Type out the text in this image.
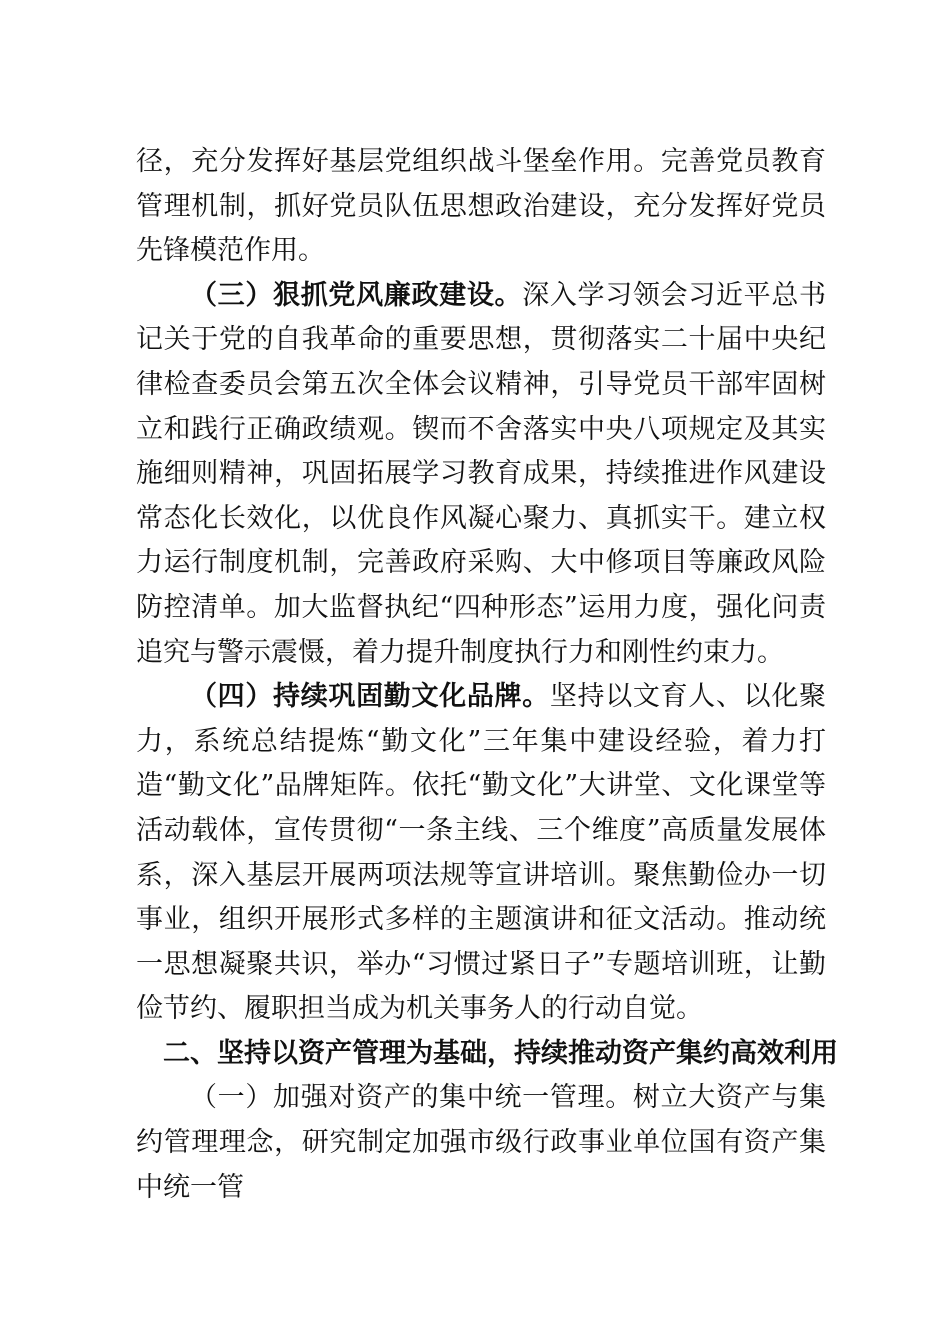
径，充分发挥好基层党组织战斗堡垒作用。完善党员教育管理机制，抓好党员队伍思想政治建设，充分发挥好党员先锋模范作用。

（三）狠抓党风廉政建设。深入学习领会习近平总书记关于党的自我革命的重要思想，贯彻落实二十届中央纪律检查委员会第五次全体会议精神，引导党员干部牢固树立和践行正确政绩观。锲而不舍落实中央八项规定及其实施细则精神，巩固拓展学习教育成果，持续推进作风建设常态化长效化，以优良作风凝心聚力、真抓实干。建立权力运行制度机制，完善政府采购、大中修项目等廉政风险防控清单。加大监督执纪“四种形态”运用力度，强化问责追究与警示震慑，着力提升制度执行力和刚性约束力。

（四）持续巩固勤文化品牌。坚持以文育人、以化聚力，系统总结提炼“勤文化”三年集中建设经验，着力打造“勤文化”品牌矩阵。依托“勤文化”大讲堂、文化课堂等活动载体，宣传贯彻“一条主线、三个维度”高质量发展体系，深入基层开展两项法规等宣讲培训。聚焦勤俭办一切事业，组织开展形式多样的主题演讲和征文活动。推动统一思想凝聚共识，举办“习惯过紧日子”专题培训班，让勤俭节约、履职担当成为机关事务人的行动自觉。

二、坚持以资产管理为基础，持续推动资产集约高效利用

（一）加强对资产的集中统一管理。树立大资产与集约管理理念，研究制定加强市级行政事业单位国有资产集中统一管
